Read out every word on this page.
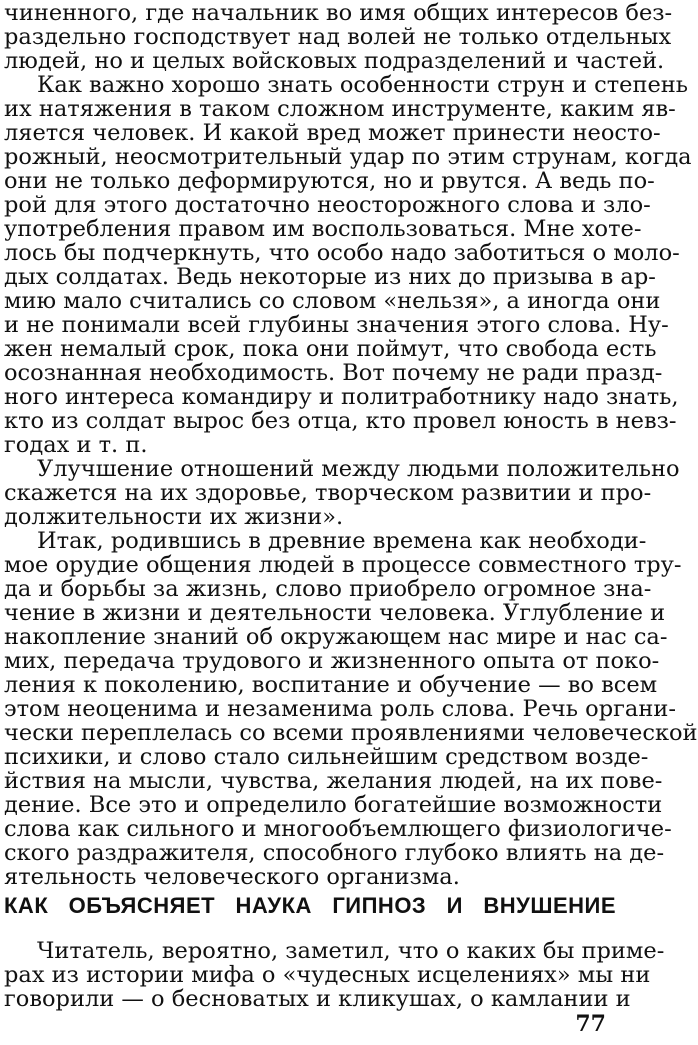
чиненного, где начальник во имя общих интересов без-
раздельно господствует над волей не только отдельных
людей, но и целых войсковых подразделений и частей.
Как важно хорошо знать особенности струн и степень
их натяжения в таком сложном инструменте, каким яв-
ляется человек. И какой вред может принести неосто-
рожный, неосмотрительный удар по этим струнам, когда
они не только деформируются, но и рвутся. А ведь по-
рой для этого достаточно неосторожного слова и зло-
употребления правом им воспользоваться. Мне хоте-
лось бы подчеркнуть, что особо надо заботиться о моло-
дых солдатах. Ведь некоторые из них до призыва в ар-
мию мало считались со словом «нельзя», а иногда они
и не понимали всей глубины значения этого слова. Ну-
жен немалый срок, пока они поймут, что свобода есть
осознанная необходимость. Вот почему не ради празд-
ного интереса командиру и политработнику надо знать,
кто из солдат вырос без отца, кто провел юность в невз-
годах и т. п.
Улучшение отношений между людьми положительно
скажется на их здоровье, творческом развитии и про-
должительности их жизни».
Итак, родившись в древние времена как необходи-
мое орудие общения людей в процессе совместного тру-
да и борьбы за жизнь, слово приобрело огромное зна-
чение в жизни и деятельности человека. Углубление и
накопление знаний об окружающем нас мире и нас са-
мих, передача трудового и жизненного опыта от поко-
ления к поколению, воспитание и обучение — во всем
этом неоценима и незаменима роль слова. Речь органи-
чески переплелась со всеми проявлениями человеческой
психики, и слово стало сильнейшим средством возде-
йствия на мысли, чувства, желания людей, на их пове-
дение. Все это и определило богатейшие возможности
слова как сильного и многообъемлющего физиологиче-
ского раздражителя, способного глубоко влиять на де-
ятельность человеческого организма.
КАК ОБЪЯСНЯЕТ НАУКА ГИПНОЗ И ВНУШЕНИЕ
Читатель, вероятно, заметил, что о каких бы приме-
рах из истории мифа о «чудесных исцелениях» мы ни
говорили — о бесноватых и кликушах, о камлании и
77
